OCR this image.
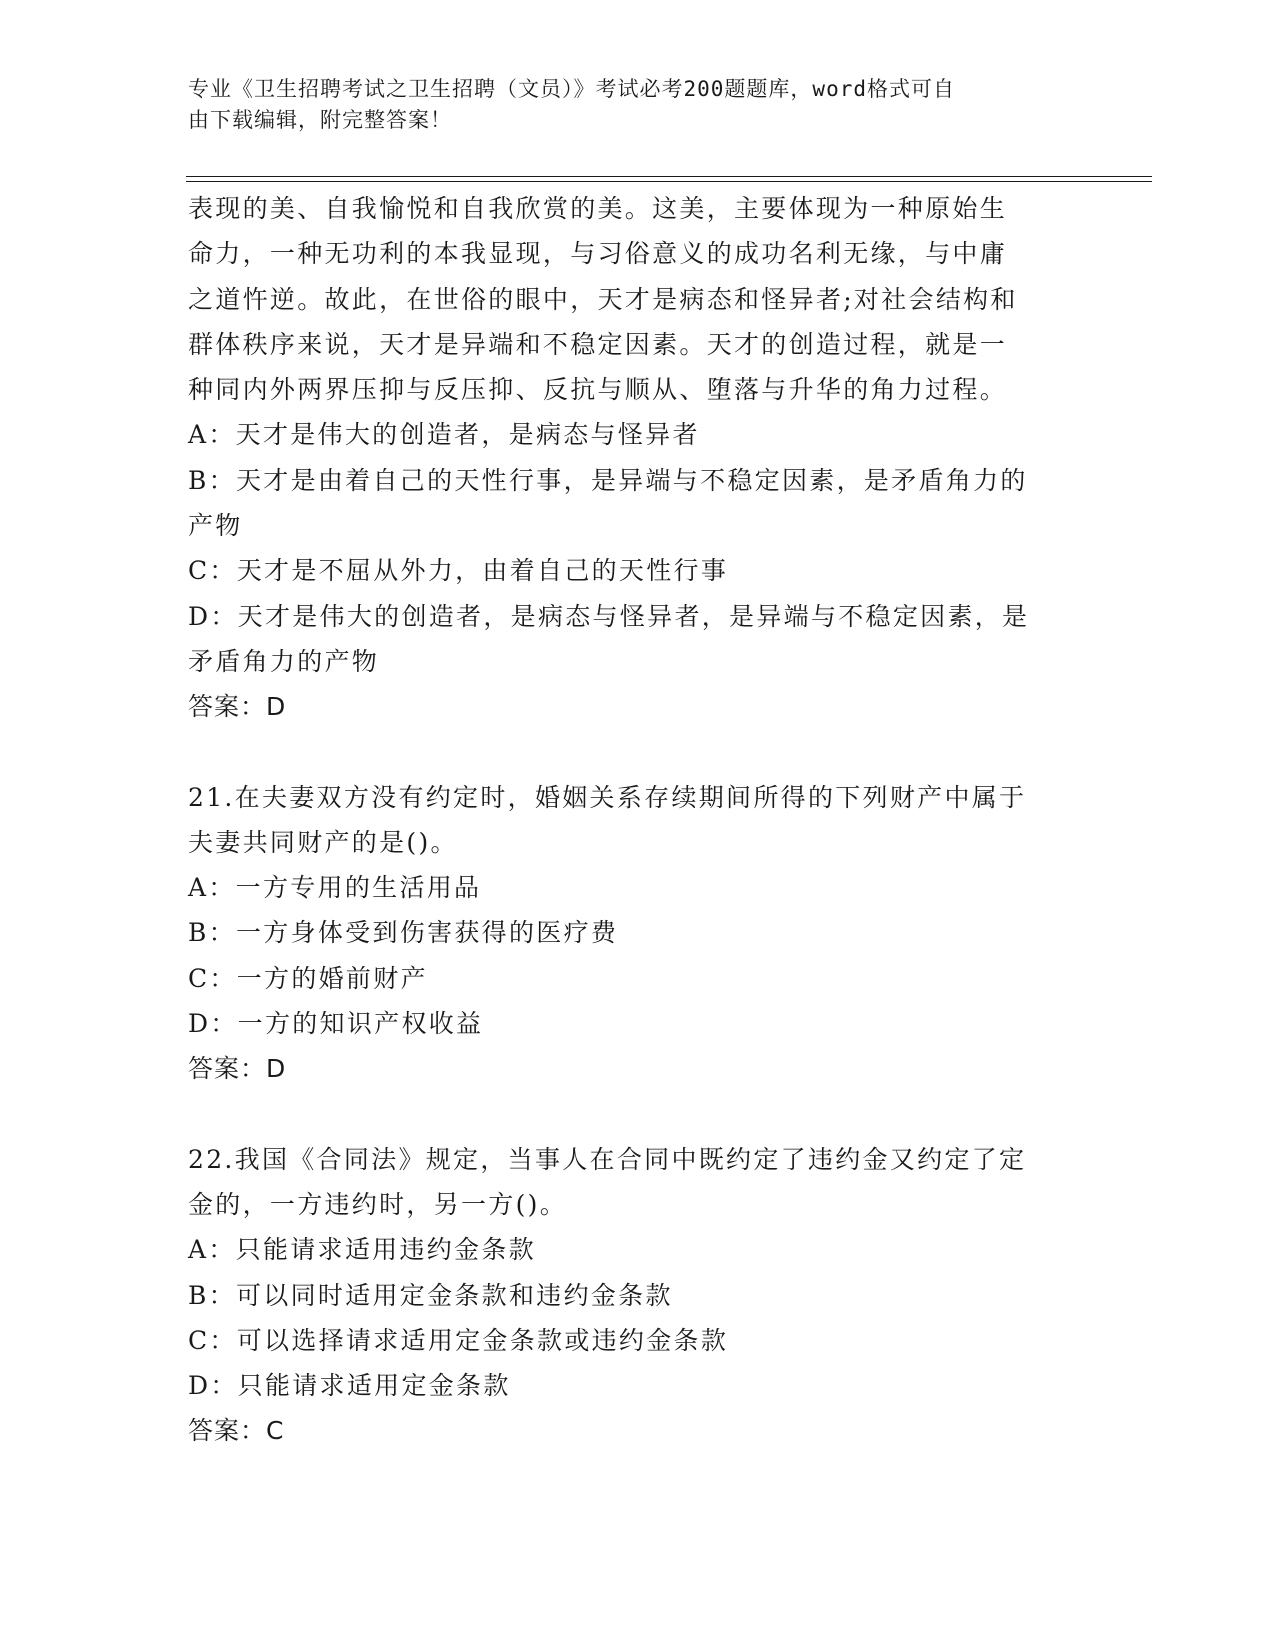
专业《卫生招聘考试之卫生招聘（文员）》考试必考200题题库，word格式可自
由下载编辑，附完整答案！
表现的美、自我愉悦和自我欣赏的美。这美，主要体现为一种原始生
命力，一种无功利的本我显现，与习俗意义的成功名利无缘，与中庸
之道忤逆。故此，在世俗的眼中，天才是病态和怪异者;对社会结构和
群体秩序来说，天才是异端和不稳定因素。天才的创造过程，就是一
种同内外两界压抑与反压抑、反抗与顺从、堕落与升华的角力过程。
A：天才是伟大的创造者，是病态与怪异者
B：天才是由着自己的天性行事，是异端与不稳定因素，是矛盾角力的
产物
C：天才是不屈从外力，由着自己的天性行事
D：天才是伟大的创造者，是病态与怪异者，是异端与不稳定因素，是
矛盾角力的产物
答案：D
21.在夫妻双方没有约定时，婚姻关系存续期间所得的下列财产中属于
夫妻共同财产的是()。
A：一方专用的生活用品
B：一方身体受到伤害获得的医疗费
C：一方的婚前财产
D：一方的知识产权收益
答案：D
22.我国《合同法》规定，当事人在合同中既约定了违约金又约定了定
金的，一方违约时，另一方()。
A：只能请求适用违约金条款
B：可以同时适用定金条款和违约金条款
C：可以选择请求适用定金条款或违约金条款
D：只能请求适用定金条款
答案：C
